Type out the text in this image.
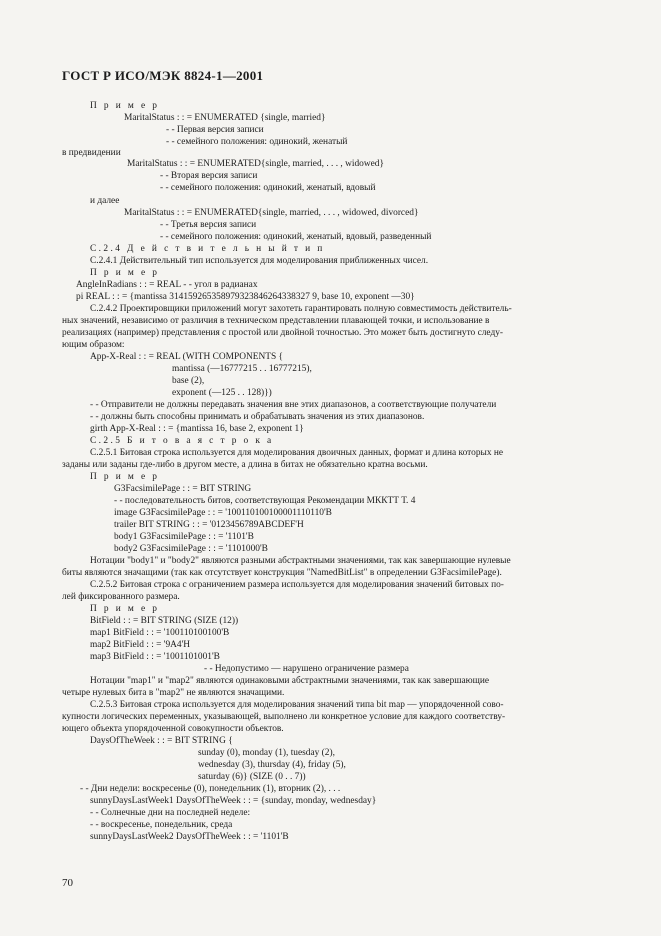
ГОСТ Р ИСО/МЭК 8824-1—2001
П р и м е р
MaritalStatus : : = ENUMERATED {single, married}
- - Первая версия записи
- - семейного положения: одинокий, женатый
в предвидении
MaritalStatus : : = ENUMERATED{single, married, . . . , widowed}
- - Вторая версия записи
- - семейного положения: одинокий, женатый, вдовый
и далее
MaritalStatus : : = ENUMERATED{single, married, . . . , widowed, divorced}
- - Третья версия записи
- - семейного положения: одинокий, женатый, вдовый, разведенный
C.2.4 Д е й с т в и т е л ь н ы й т и п
C.2.4.1 Действительный тип используется для моделирования приближенных чисел.
П р и м е р
AngleInRadians : : = REAL - - угол в радианах
pi REAL : : = {mantissa 314159265358979323846264338327 9, base 10, exponent —30}
C.2.4.2 Проектировщики приложений могут захотеть гарантировать полную совместимость действитель-
ных значений, независимо от различия в техническом представлении плавающей точки, и использование в
реализациях (например) представления с простой или двойной точностью. Это может быть достигнуто следу-
ющим образом:
App-X-Real : : = REAL (WITH COMPONENTS {
mantissa (—16777215 . . 16777215),
base (2),
exponent (—125 . . 128)})
- - Отправители не должны передавать значения вне этих диапазонов, а соответствующие получатели
- - должны быть способны принимать и обрабатывать значения из этих диапазонов.
girth App-X-Real : : = {mantissa 16, base 2, exponent 1}
C.2.5 Б и т о в а я с т р о к а
C.2.5.1 Битовая строка используется для моделирования двоичных данных, формат и длина которых не
заданы или заданы где-либо в другом месте, а длина в битах не обязательно кратна восьми.
П р и м е р
G3FacsimilePage : : = BIT STRING
- - последовательность битов, соответствующая Рекомендации МККТТ Т. 4
image G3FacsimilePage : : = '100110100100001110110'B
trailer BIT STRING : : = '0123456789ABCDEF'H
body1 G3FacsimilePage : : = '1101'B
body2 G3FacsimilePage : : = '1101000'B
Нотации "body1" и "body2" являются разными абстрактными значениями, так как завершающие нулевые
биты являются значащими (так как отсутствует конструкция "NamedBitList" в определении G3FacsimilePage).
C.2.5.2 Битовая строка с ограничением размера используется для моделирования значений битовых по-
лей фиксированного размера.
П р и м е р
BitField : : = BIT STRING (SIZE (12))
map1 BitField : : = '100110100100'B
map2 BitField : : = '9A4'H
map3 BitField : : = '1001101001'B
- - Недопустимо — нарушено ограничение размера
Нотации "map1" и "map2" являются одинаковыми абстрактными значениями, так как завершающие
четыре нулевых бита в "map2" не являются значащими.
C.2.5.3 Битовая строка используется для моделирования значений типа bit map — упорядоченной сово-
купности логических переменных, указывающей, выполнено ли конкретное условие для каждого соответству-
ющего объекта упорядоченной совокупности объектов.
DaysOfTheWeek : : = BIT STRING {
sunday (0), monday (1), tuesday (2),
wednesday (3), thursday (4), friday (5),
saturday (6)} (SIZE (0 . . 7))
- - Дни недели: воскресенье (0), понедельник (1), вторник (2), . . .
sunnyDaysLastWeek1 DaysOfTheWeek : : = {sunday, monday, wednesday}
- - Солнечные дни на последней неделе:
- - воскресенье, понедельник, среда
sunnyDaysLastWeek2 DaysOfTheWeek : : = '1101'B
70
